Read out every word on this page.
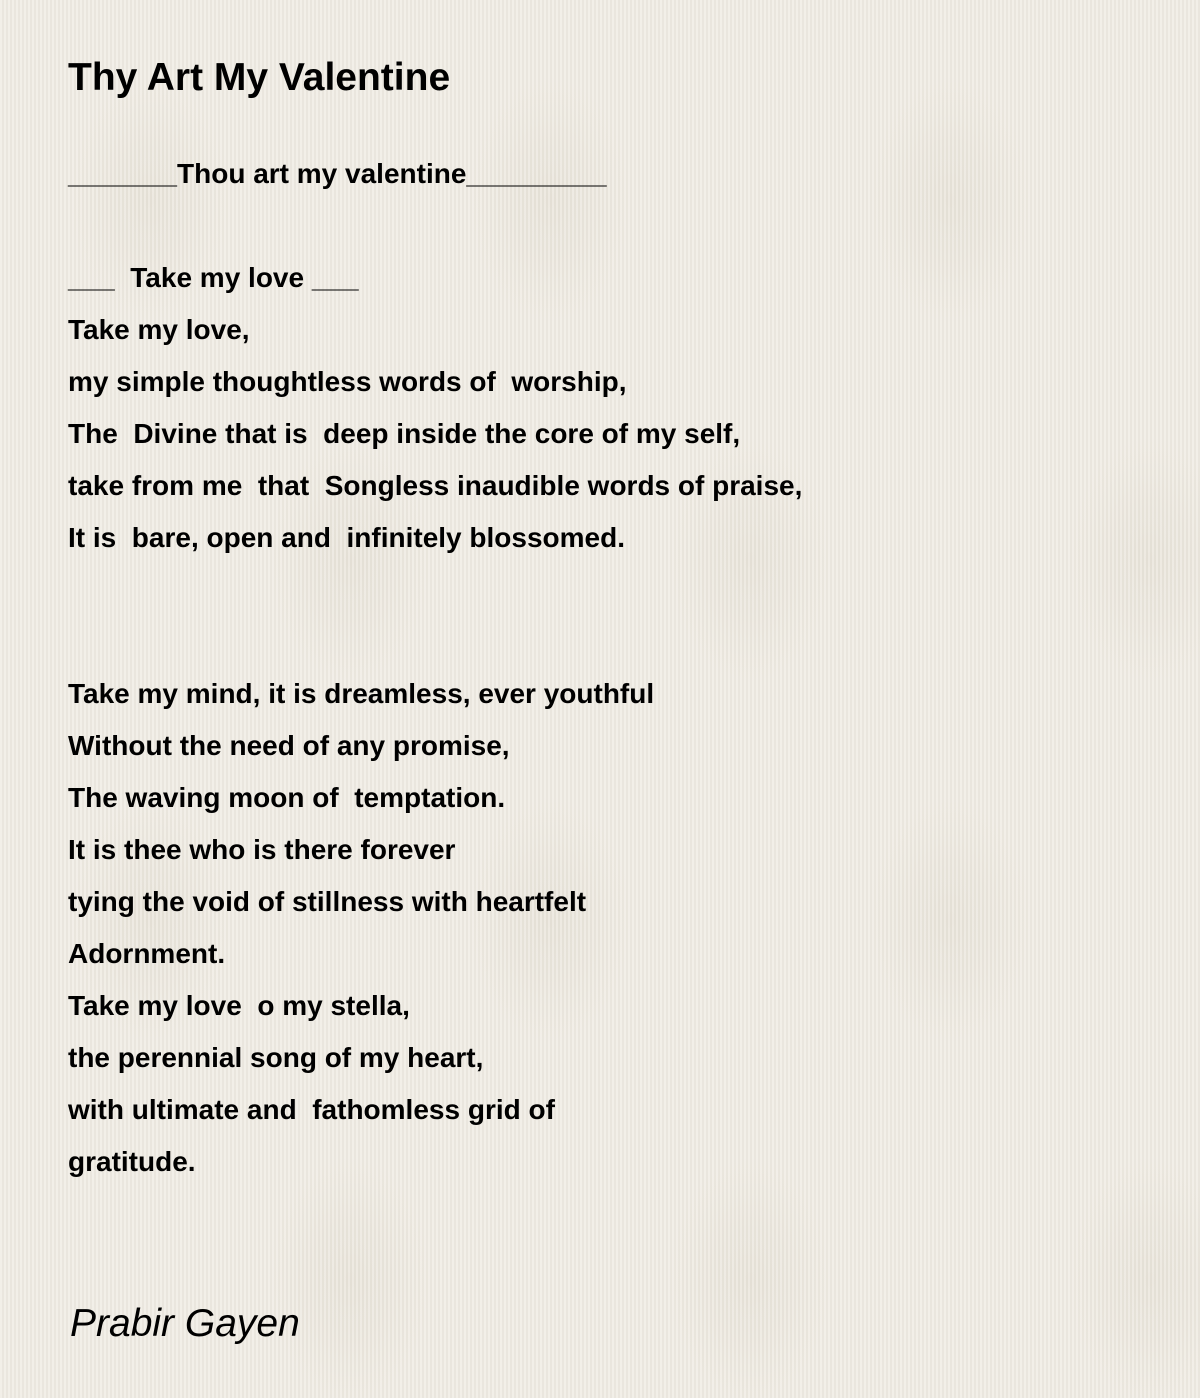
Thy Art My Valentine
_______Thou art my valentine_________
___  Take my love ___
Take my love,
my simple thoughtless words of  worship,
The  Divine that is  deep inside the core of my self,
take from me  that  Songless inaudible words of praise,
It is  bare, open and  infinitely blossomed.
Take my mind, it is dreamless, ever youthful
Without the need of any promise,
The waving moon of  temptation.
It is thee who is there forever
tying the void of stillness with heartfelt
Adornment.
Take my love  o my stella,
the perennial song of my heart,
with ultimate and  fathomless grid of
gratitude.
Prabir Gayen
